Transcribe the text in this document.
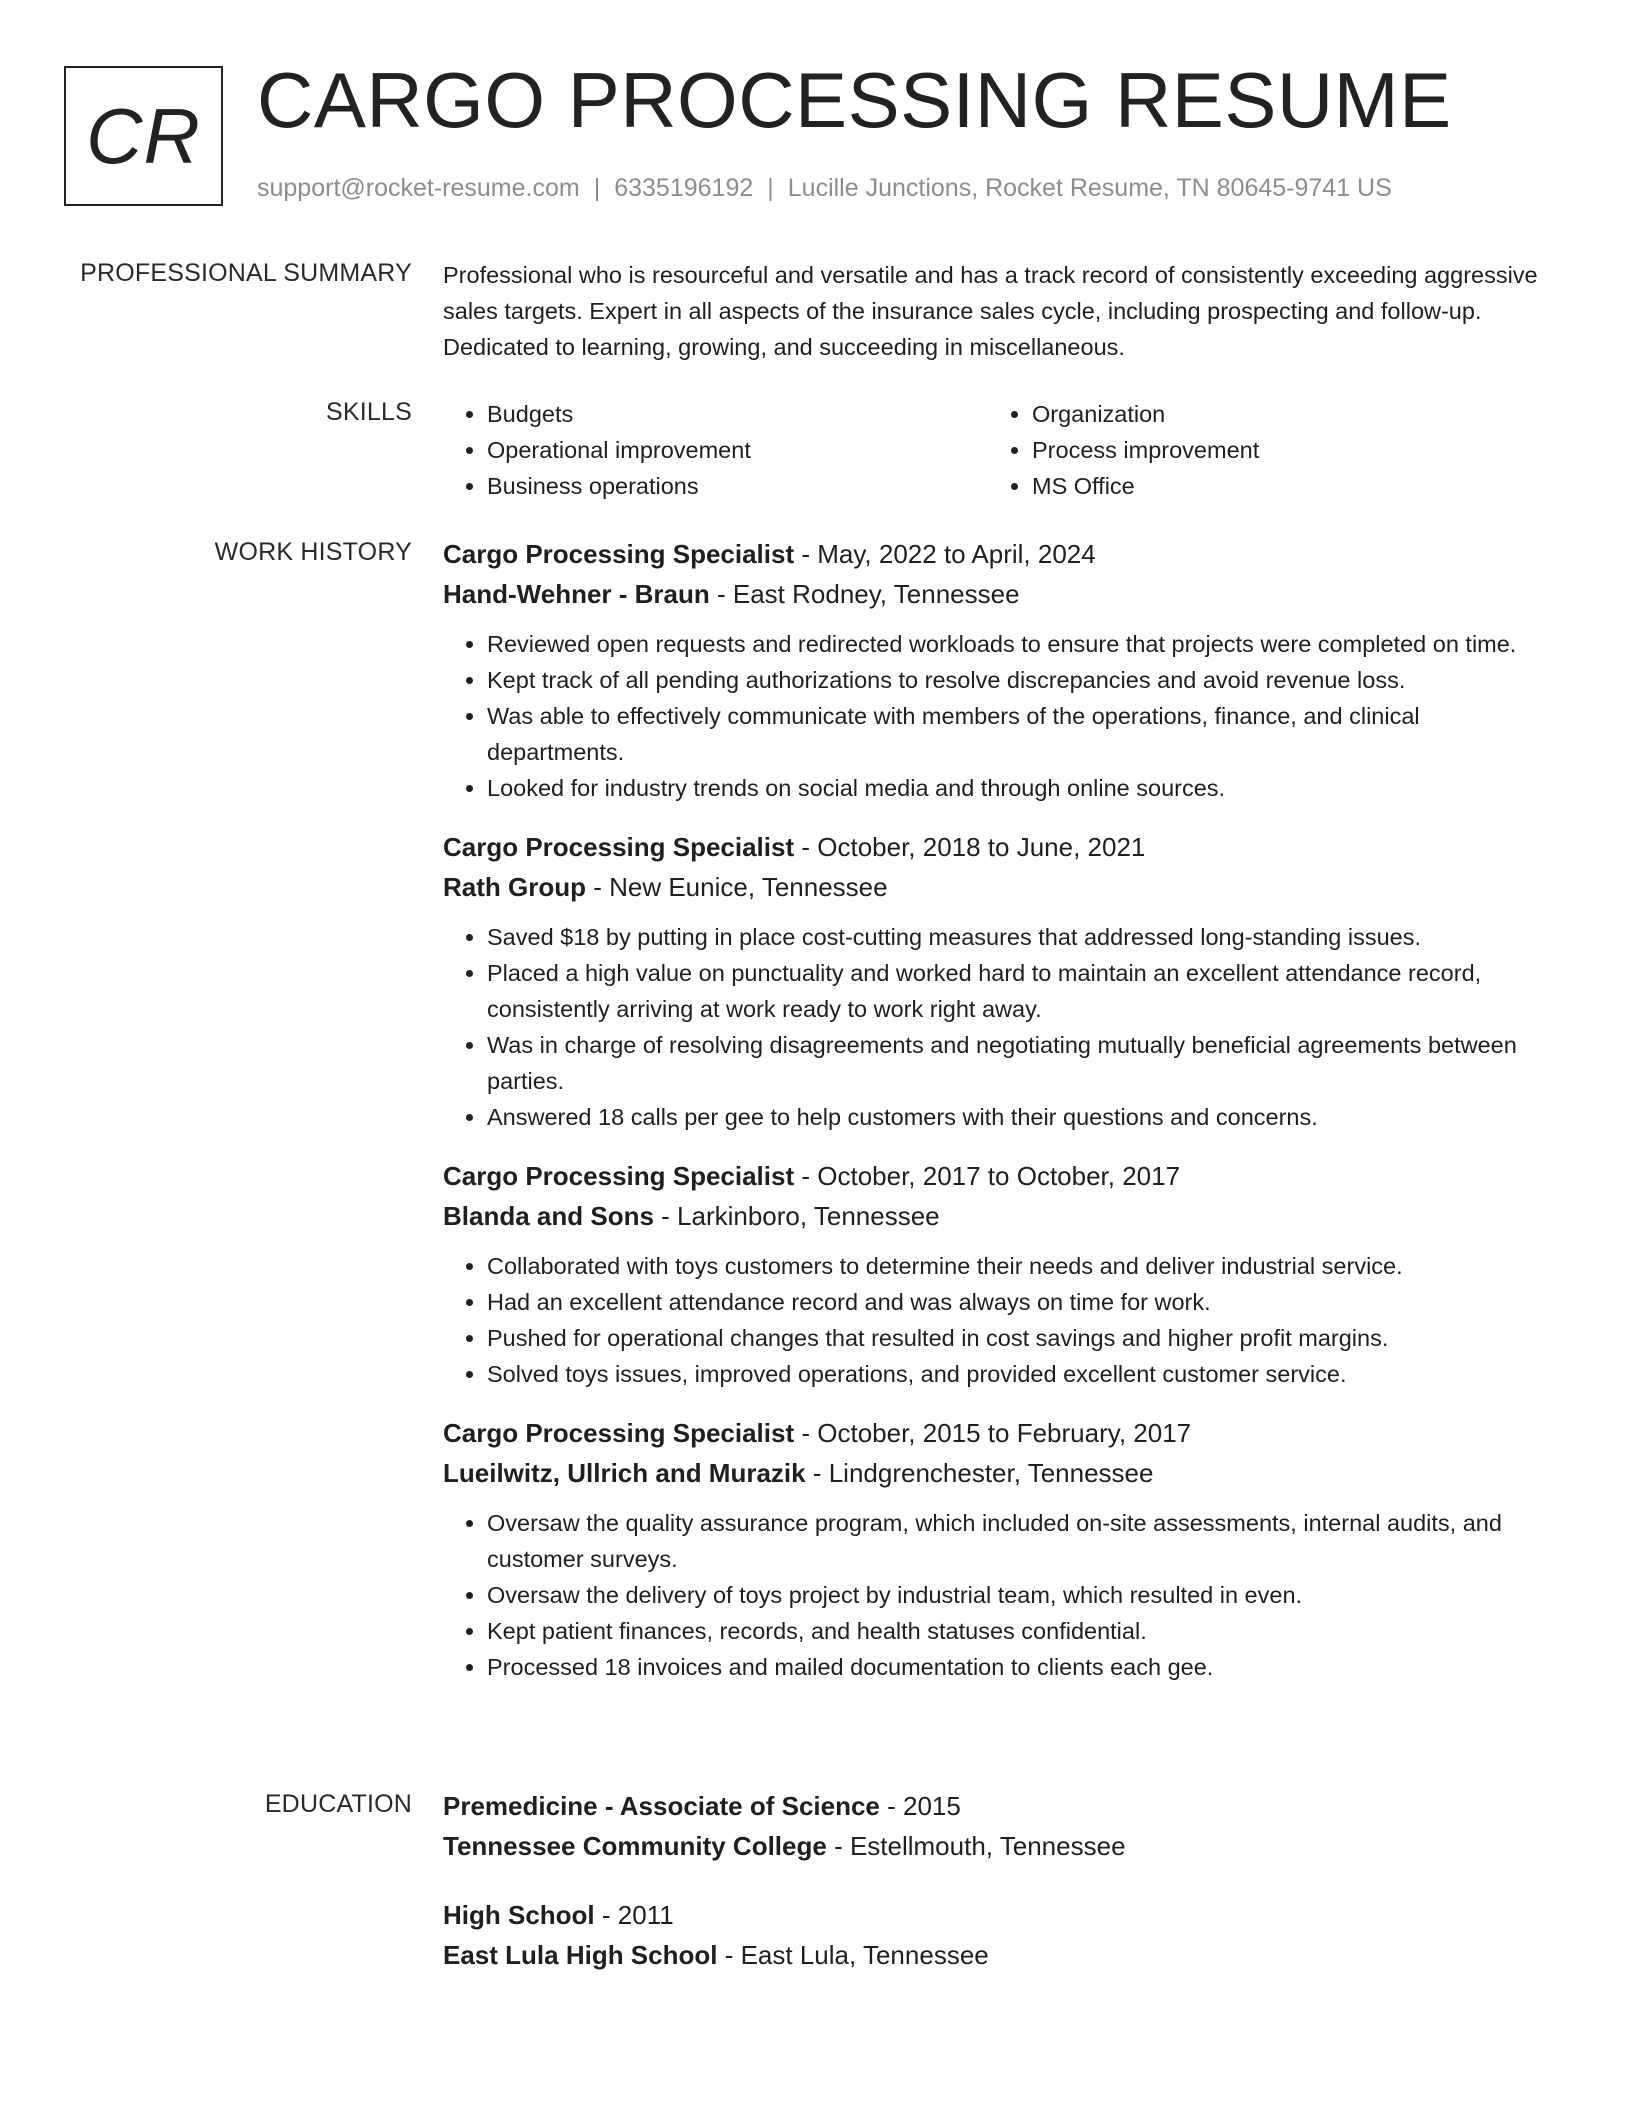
CR CARGO PROCESSING RESUME
support@rocket-resume.com | 6335196192 | Lucille Junctions, Rocket Resume, TN 80645-9741 US
PROFESSIONAL SUMMARY Professional who is resourceful and versatile and has a track record of consistently exceeding aggressive sales targets. Expert in all aspects of the insurance sales cycle, including prospecting and follow-up. Dedicated to learning, growing, and succeeding in miscellaneous.

SKILLS
•	Budgets
• Operational improvement
• Business operations
• Organization
• Process improvement
• MS Office
WORK HISTORY Cargo Processing Specialist - May, 2022 to April, 2024
Hand-Wehner - Braun - East Rodney, Tennessee
• Reviewed open requests and redirected workloads to ensure that projects were completed on time.
• Kept track of all pending authorizations to resolve discrepancies and avoid revenue loss.
• Was able to effectively communicate with members of the operations, finance, and clinical departments.
• Looked for industry trends on social media and through online sources.
Cargo Processing Specialist - October, 2018 to June, 2021
Rath Group - New Eunice, Tennessee
• Saved $18 by putting in place cost-cutting measures that addressed long-standing issues.
• Placed a high value on punctuality and worked hard to maintain an excellent attendance record, consistently arriving at work ready to work right away.
• Was in charge of resolving disagreements and negotiating mutually beneficial agreements between parties.
• Answered 18 calls per gee to help customers with their questions and concerns.
Cargo Processing Specialist - October, 2017 to October, 2017
Blanda and Sons - Larkinboro, Tennessee
• Collaborated with toys customers to determine their needs and deliver industrial service.
• Had an excellent attendance record and was always on time for work.
• Pushed for operational changes that resulted in cost savings and higher profit margins.
• Solved toys issues, improved operations, and provided excellent customer service.
Cargo Processing Specialist - October, 2015 to February, 2017
Lueilwitz, Ullrich and Murazik - Lindgrenchester, Tennessee
• Oversaw the quality assurance program, which included on-site assessments, internal audits, and customer surveys.
• Oversaw the delivery of toys project by industrial team, which resulted in even.
• Kept patient finances, records, and health statuses confidential.
• Processed 18 invoices and mailed documentation to clients each gee.
EDUCATION Premedicine - Associate of Science - 2015
Tennessee Community College - Estellmouth, Tennessee
High School - 2011
East Lula High School - East Lula, Tennessee
